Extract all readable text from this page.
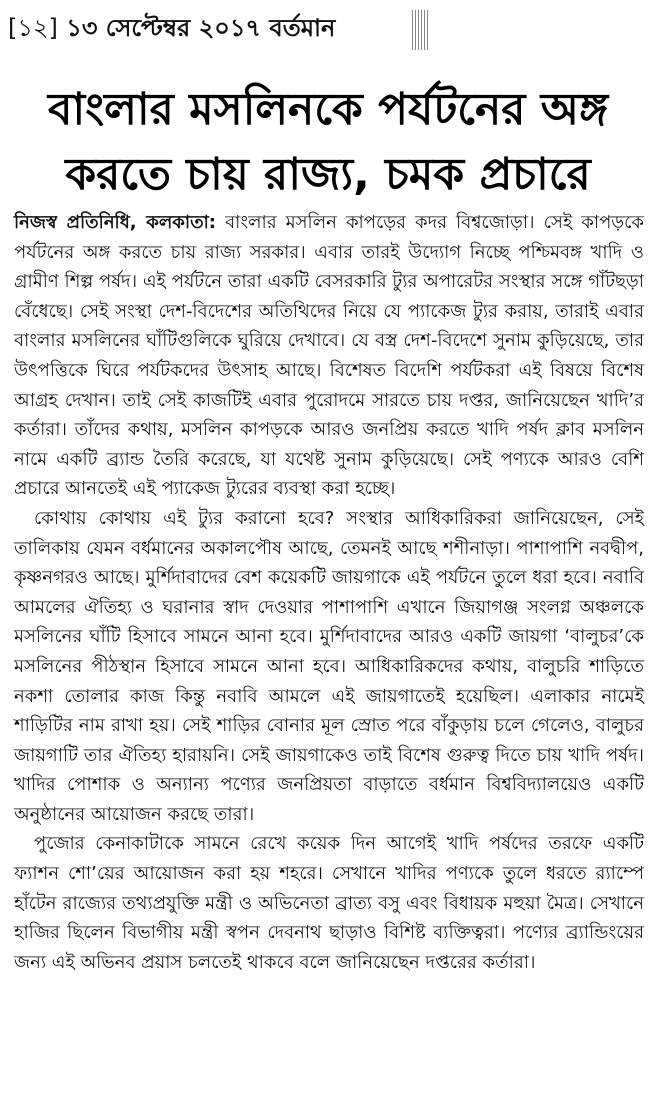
[১২]
১৩ সেপ্টেম্বর ২০১৭
বর্তমান
বাংলার মসলিনকে পর্যটনের অঙ্গ
করতে চায় রাজ্য, চমক প্রচারে

নিজস্ব প্রতিনিধি, কলকাতা: বাংলার মসলিন কাপড়ের কদর বিশ্বজোড়া। সেই কাপড়কে পর্যটনের অঙ্গ করতে চায় রাজ্য সরকার। এবার তারই উদ্যোগ নিচ্ছে পশ্চিমবঙ্গ খাদি ও গ্রামীণ শিল্প পর্ষদ। এই পর্যটনে তারা একটি বেসরকারি ট্যুর অপারেটর সংস্থার সঙ্গে গাঁটছড়া বেঁধেছে। সেই সংস্থা দেশ-বিদেশের অতিথিদের নিয়ে যে প্যাকেজ ট্যুর করায়, তারাই এবার বাংলার মসলিনের ঘাঁটিগুলিকে ঘুরিয়ে দেখাবে। যে বস্ত্র দেশ-বিদেশে সুনাম কুড়িয়েছে, তার উৎপত্তিকে ঘিরে পর্যটকদের উৎসাহ আছে। বিশেষত বিদেশি পর্যটকরা এই বিষয়ে বিশেষ আগ্রহ দেখান। তাই সেই কাজটিই এবার পুরোদমে সারতে চায় দপ্তর, জানিয়েছেন খাদি’র কর্তারা। তাঁদের কথায়, মসলিন কাপড়কে আরও জনপ্রিয় করতে খাদি পর্ষদ ক্লাব মসলিন নামে একটি ব্র্যান্ড তৈরি করেছে, যা যথেষ্ট সুনাম কুড়িয়েছে। সেই পণ্যকে আরও বেশি প্রচারে আনতেই এই প্যাকেজ ট্যুরের ব্যবস্থা করা হচ্ছে।

কোথায় কোথায় এই ট্যুর করানো হবে? সংস্থার আধিকারিকরা জানিয়েছেন, সেই তালিকায় যেমন বর্ধমানের অকালপৌষ আছে, তেমনই আছে শশীনাড়া। পাশাপাশি নবদ্বীপ, কৃষ্ণনগরও আছে। মুর্শিদাবাদের বেশ কয়েকটি জায়গাকে এই পর্যটনে তুলে ধরা হবে। নবাবি আমলের ঐতিহ্য ও ঘরানার স্বাদ দেওয়ার পাশাপাশি এখানে জিয়াগঞ্জ সংলগ্ন অঞ্চলকে মসলিনের ঘাঁটি হিসাবে সামনে আনা হবে। মুর্শিদাবাদের আরও একটি জায়গা ‘বালুচর’কে মসলিনের পীঠস্থান হিসাবে সামনে আনা হবে। আধিকারিকদের কথায়, বালুচরি শাড়িতে নকশা তোলার কাজ কিন্তু নবাবি আমলে এই জায়গাতেই হয়েছিল। এলাকার নামেই শাড়িটির নাম রাখা হয়। সেই শাড়ির বোনার মূল স্রোত পরে বাঁকুড়ায় চলে গেলেও, বালুচর জায়গাটি তার ঐতিহ্য হারায়নি। সেই জায়গাকেও তাই বিশেষ গুরুত্ব দিতে চায় খাদি পর্ষদ। খাদির পোশাক ও অন্যান্য পণ্যের জনপ্রিয়তা বাড়াতে বর্ধমান বিশ্ববিদ্যালয়েও একটি অনুষ্ঠানের আয়োজন করছে তারা।

পুজোর কেনাকাটাকে সামনে রেখে কয়েক দিন আগেই খাদি পর্ষদের তরফে একটি ফ্যাশন শো’য়ের আয়োজন করা হয় শহরে। সেখানে খাদির পণ্যকে তুলে ধরতে র‌্যাম্পে হাঁটেন রাজ্যের তথ্যপ্রযুক্তি মন্ত্রী ও অভিনেতা ব্রাত্য বসু এবং বিধায়ক মহুয়া মৈত্র। সেখানে হাজির ছিলেন বিভাগীয় মন্ত্রী স্বপন দেবনাথ ছাড়াও বিশিষ্ট ব্যক্তিত্বরা। পণ্যের ব্র্যান্ডিংয়ের জন্য এই অভিনব প্রয়াস চলতেই থাকবে বলে জানিয়েছেন দপ্তরের কর্তারা।
